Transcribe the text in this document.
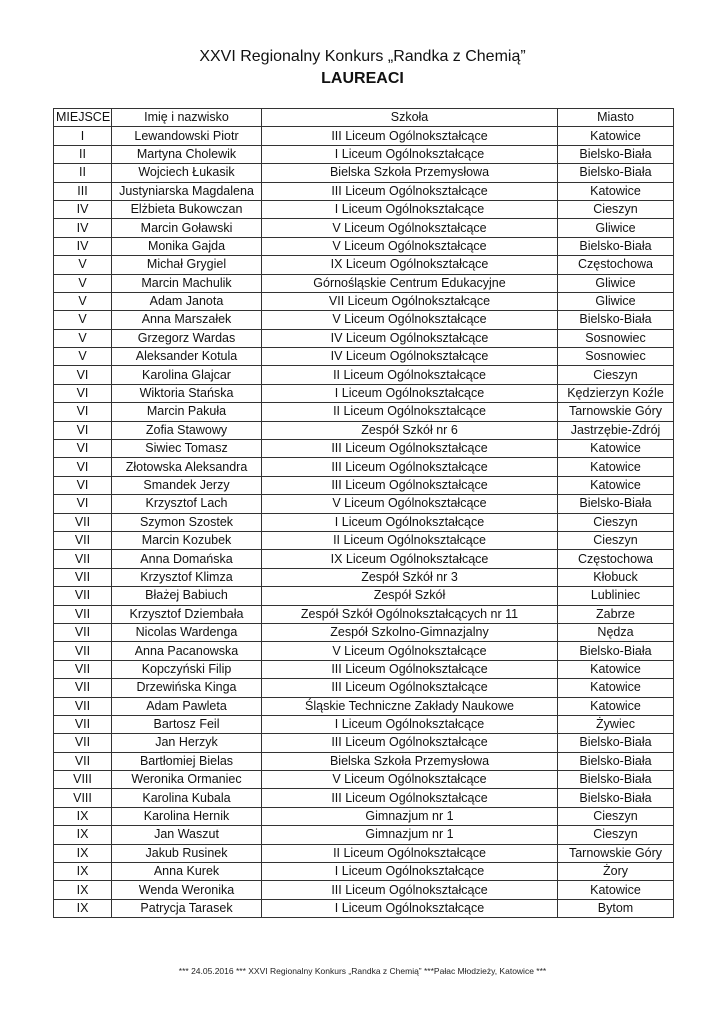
XXVI Regionalny Konkurs „Randka z Chemią”
LAUREACI
MIEJSCE	Imię i nazwisko	Szkoła	Miasto
I	Lewandowski Piotr	III Liceum Ogólnokształcące	Katowice
II	Martyna Cholewik	I Liceum Ogólnokształcące	Bielsko-Biała
II	Wojciech Łukasik	Bielska Szkoła Przemysłowa	Bielsko-Biała
III	Justyniarska Magdalena	III Liceum Ogólnokształcące	Katowice
IV	Elżbieta Bukowczan	I Liceum Ogólnokształcące	Cieszyn
IV	Marcin Goławski	V Liceum Ogólnokształcące	Gliwice
IV	Monika Gajda	V Liceum Ogólnokształcące	Bielsko-Biała
V	Michał Grygiel	IX Liceum Ogólnokształcące	Częstochowa
V	Marcin Machulik	Górnośląskie Centrum Edukacyjne	Gliwice
V	Adam Janota	VII Liceum Ogólnokształcące	Gliwice
V	Anna Marszałek	V Liceum Ogólnokształcące	Bielsko-Biała
V	Grzegorz Wardas	IV Liceum Ogólnokształcące	Sosnowiec
V	Aleksander Kotula	IV Liceum Ogólnokształcące	Sosnowiec
VI	Karolina Glajcar	II Liceum Ogólnokształcące	Cieszyn
VI	Wiktoria Stańska	I Liceum Ogólnokształcące	Kędzierzyn Koźle
VI	Marcin Pakuła	II Liceum Ogólnokształcące	Tarnowskie Góry
VI	Zofia Stawowy	Zespół Szkół nr 6	Jastrzębie-Zdrój
VI	Siwiec Tomasz	III Liceum Ogólnokształcące	Katowice
VI	Złotowska Aleksandra	III Liceum Ogólnokształcące	Katowice
VI	Smandek Jerzy	III Liceum Ogólnokształcące	Katowice
VI	Krzysztof Lach	V Liceum Ogólnokształcące	Bielsko-Biała
VII	Szymon Szostek	I Liceum Ogólnokształcące	Cieszyn
VII	Marcin Kozubek	II Liceum Ogólnokształcące	Cieszyn
VII	Anna Domańska	IX Liceum Ogólnokształcące	Częstochowa
VII	Krzysztof Klimza	Zespół Szkół nr 3	Kłobuck
VII	Błażej Babiuch	Zespół Szkół	Lubliniec
VII	Krzysztof Dziembała	Zespół Szkół Ogólnokształcących nr 11	Zabrze
VII	Nicolas Wardenga	Zespół Szkolno-Gimnazjalny	Nędza
VII	Anna Pacanowska	V Liceum Ogólnokształcące	Bielsko-Biała
VII	Kopczyński Filip	III Liceum Ogólnokształcące	Katowice
VII	Drzewińska Kinga	III Liceum Ogólnokształcące	Katowice
VII	Adam Pawleta	Śląskie Techniczne Zakłady Naukowe	Katowice
VII	Bartosz Feil	I Liceum Ogólnokształcące	Żywiec
VII	Jan Herzyk	III Liceum Ogólnokształcące	Bielsko-Biała
VII	Bartłomiej Bielas	Bielska Szkoła Przemysłowa	Bielsko-Biała
VIII	Weronika Ormaniec	V Liceum Ogólnokształcące	Bielsko-Biała
VIII	Karolina Kubala	III Liceum Ogólnokształcące	Bielsko-Biała
IX	Karolina Hernik	Gimnazjum nr 1	Cieszyn
IX	Jan Waszut	Gimnazjum nr 1	Cieszyn
IX	Jakub Rusinek	II Liceum Ogólnokształcące	Tarnowskie Góry
IX	Anna Kurek	I Liceum Ogólnokształcące	Żory
IX	Wenda Weronika	III Liceum Ogólnokształcące	Katowice
IX	Patrycja Tarasek	I Liceum Ogólnokształcące	Bytom
*** 24.05.2016 *** XXVI Regionalny Konkurs „Randka z Chemią” ***Pałac Młodzieży, Katowice ***
